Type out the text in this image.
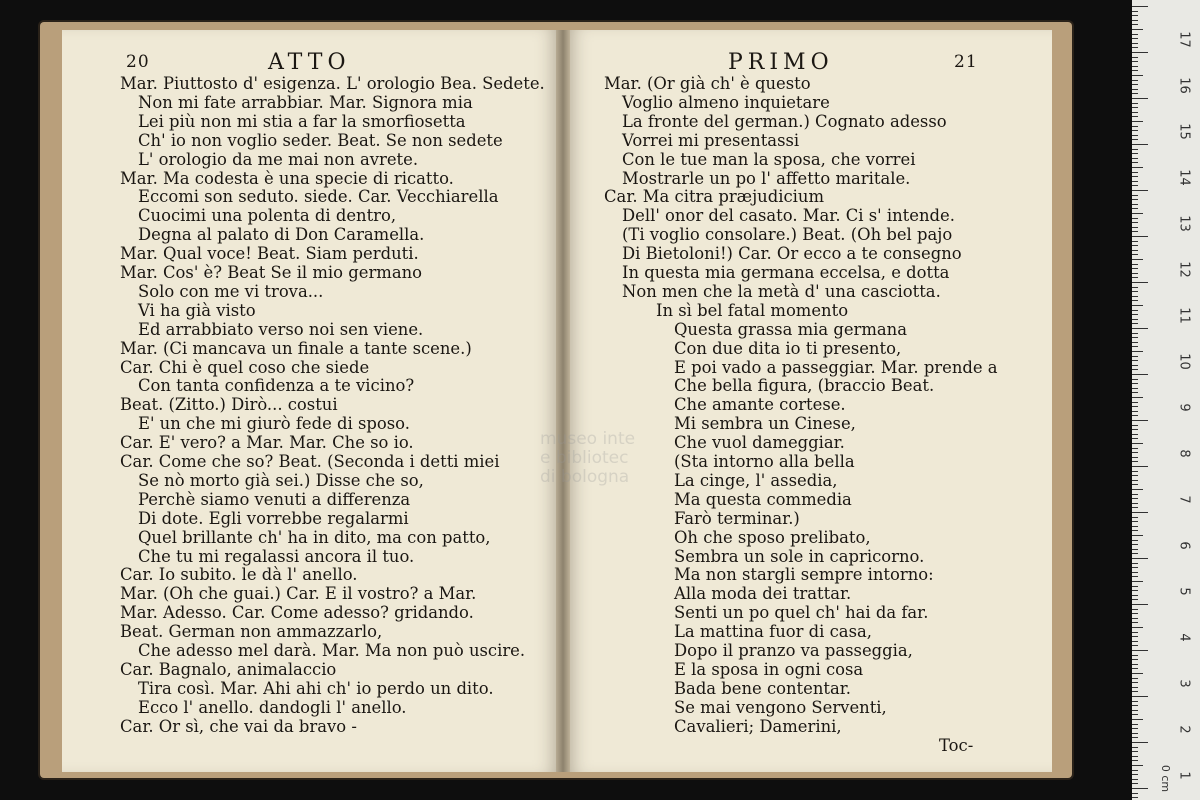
museo inte
e bibliotec
di bologna
20	ATTO	PRIMO	21
Mar. Piuttosto d' esigenza. L' orologio Bea. Sedete.
Non mi fate arrabbiar. Mar. Signora mia
Lei più non mi stia a far la smorfiosetta
Ch' io non voglio seder. Beat. Se non sedete
L' orologio da me mai non avrete.
Mar. Ma codesta è una specie di ricatto.
Eccomi son seduto. siede. Car. Vecchiarella
Cuocimi una polenta di dentro,
Degna al palato di Don Caramella.
Mar. Qual voce! Beat. Siam perduti.
Mar. Cos' è? Beat Se il mio germano
Solo con me vi trova...
Vi ha già visto
Ed arrabbiato verso noi sen viene.
Mar. (Ci mancava un finale a tante scene.)
Car. Chi è quel coso che siede
Con tanta confidenza a te vicino?
Beat. (Zitto.) Dirò... costui
E' un che mi giurò fede di sposo.
Car. E' vero? a Mar. Mar. Che so io.
Car. Come che so? Beat. (Seconda i detti miei
Se nò morto già sei.) Disse che so,
Perchè siamo venuti a differenza
Di dote. Egli vorrebbe regalarmi
Quel brillante ch' ha in dito, ma con patto,
Che tu mi regalassi ancora il tuo.
Car. Io subito. le dà l' anello.
Mar. (Oh che guai.) Car. E il vostro? a Mar.
Mar. Adesso. Car. Come adesso? gridando.
Beat. German non ammazzarlo,
Che adesso mel darà. Mar. Ma non può uscire.
Car. Bagnalo, animalaccio
Tira così. Mar. Ahi ahi ch' io perdo un dito.
Ecco l' anello. dandogli l' anello.
Car. Or sì, che vai da bravo -
Mar. (Or già ch' è questo
Voglio almeno inquietare
La fronte del german.) Cognato adesso
Vorrei mi presentassi
Con le tue man la sposa, che vorrei
Mostrarle un po l' affetto maritale.
Car. Ma citra præjudicium
Dell' onor del casato. Mar. Ci s' intende.
(Ti voglio consolare.) Beat. (Oh bel pajo
Di Bietoloni!) Car. Or ecco a te consegno
In questa mia germana eccelsa, e dotta
Non men che la metà d' una casciotta.
In sì bel fatal momento
Questa grassa mia germana
Con due dita io ti presento,
E poi vado a passeggiar. Mar. prende a
Che bella figura, (braccio Beat.
Che amante cortese.
Mi sembra un Cinese,
Che vuol dameggiar.
(Sta intorno alla bella
La cinge, l' assedia,
Ma questa commedia
Farò terminar.)
Oh che sposo prelibato,
Sembra un sole in capricorno.
Ma non stargli sempre intorno:
Alla moda dei trattar.
Senti un po quel ch' hai da far.
La mattina fuor di casa,
Dopo il pranzo va passeggia,
E la sposa in ogni cosa
Bada bene contentar.
Se mai vengono Serventi,
Cavalieri; Damerini,
Toc-
17
16
15
14
13
12
11
10
9
8
7
6
5
4
3
2
1
0 cm
